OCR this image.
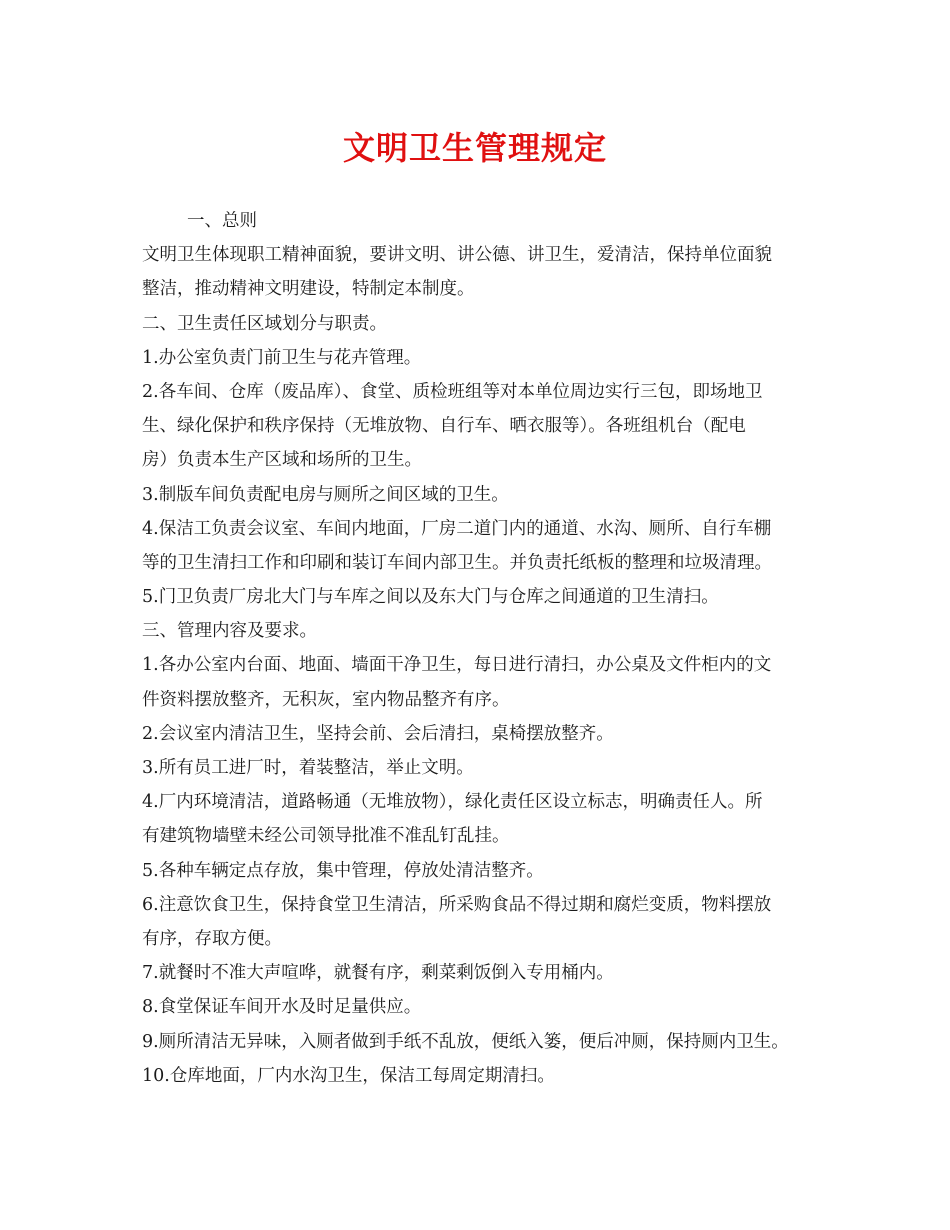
文明卫生管理规定
一、总则
文明卫生体现职工精神面貌，要讲文明、讲公德、讲卫生，爱清洁，保持单位面貌
整洁，推动精神文明建设，特制定本制度。
二、卫生责任区域划分与职责。
1.办公室负责门前卫生与花卉管理。
2.各车间、仓库（废品库）、食堂、质检班组等对本单位周边实行三包，即场地卫
生、绿化保护和秩序保持（无堆放物、自行车、晒衣服等）。各班组机台（配电
房）负责本生产区域和场所的卫生。
3.制版车间负责配电房与厕所之间区域的卫生。
4.保洁工负责会议室、车间内地面，厂房二道门内的通道、水沟、厕所、自行车棚
等的卫生清扫工作和印刷和装订车间内部卫生。并负责托纸板的整理和垃圾清理。
5.门卫负责厂房北大门与车库之间以及东大门与仓库之间通道的卫生清扫。
三、管理内容及要求。
1.各办公室内台面、地面、墙面干净卫生，每日进行清扫，办公桌及文件柜内的文
件资料摆放整齐，无积灰，室内物品整齐有序。
2.会议室内清洁卫生，坚持会前、会后清扫，桌椅摆放整齐。
3.所有员工进厂时，着装整洁，举止文明。
4.厂内环境清洁，道路畅通（无堆放物），绿化责任区设立标志，明确责任人。所
有建筑物墙壁未经公司领导批准不准乱钉乱挂。
5.各种车辆定点存放，集中管理，停放处清洁整齐。
6.注意饮食卫生，保持食堂卫生清洁，所采购食品不得过期和腐烂变质，物料摆放
有序，存取方便。
7.就餐时不准大声喧哗，就餐有序，剩菜剩饭倒入专用桶内。
8.食堂保证车间开水及时足量供应。
9.厕所清洁无异味，入厕者做到手纸不乱放，便纸入篓，便后冲厕，保持厕内卫生。
10.仓库地面，厂内水沟卫生，保洁工每周定期清扫。
